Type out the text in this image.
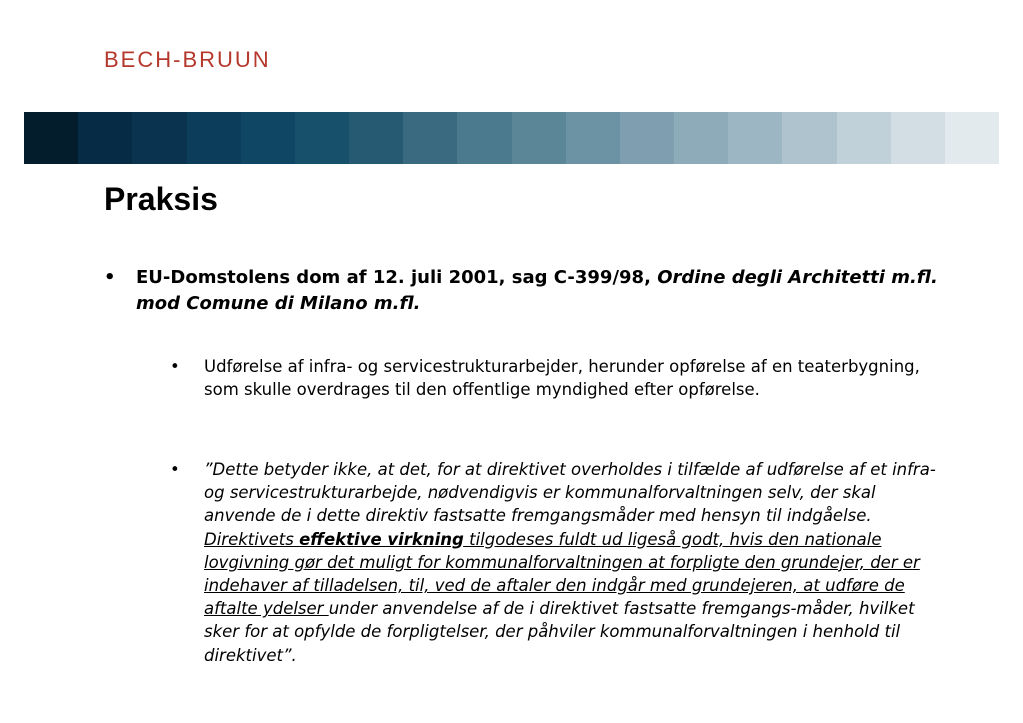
BECH-BRUUN
Praksis
• EU-Domstolens dom af 12. juli 2001, sag C-399/98, Ordine degli Architetti m.fl. mod Comune di Milano m.fl.
• Udførelse af infra- og servicestrukturarbejder, herunder opførelse af en teaterbygning, som skulle overdrages til den offentlige myndighed efter opførelse.
• ”Dette betyder ikke, at det, for at direktivet overholdes i tilfælde af udførelse af et infra- og servicestrukturarbejde, nødvendigvis er kommunalforvaltningen selv, der skal anvende de i dette direktiv fastsatte fremgangsmåder med hensyn til indgåelse. Direktivets effektive virkning tilgodeses fuldt ud ligeså godt, hvis den nationale lovgivning gør det muligt for kommunalforvaltningen at forpligte den grundejer, der er indehaver af tilladelsen, til, ved de aftaler den indgår med grundejeren, at udføre de aftalte ydelser under anvendelse af de i direktivet fastsatte fremgangs-måder, hvilket sker for at opfylde de forpligtelser, der påhviler kommunalforvaltningen i henhold til direktivet”.
